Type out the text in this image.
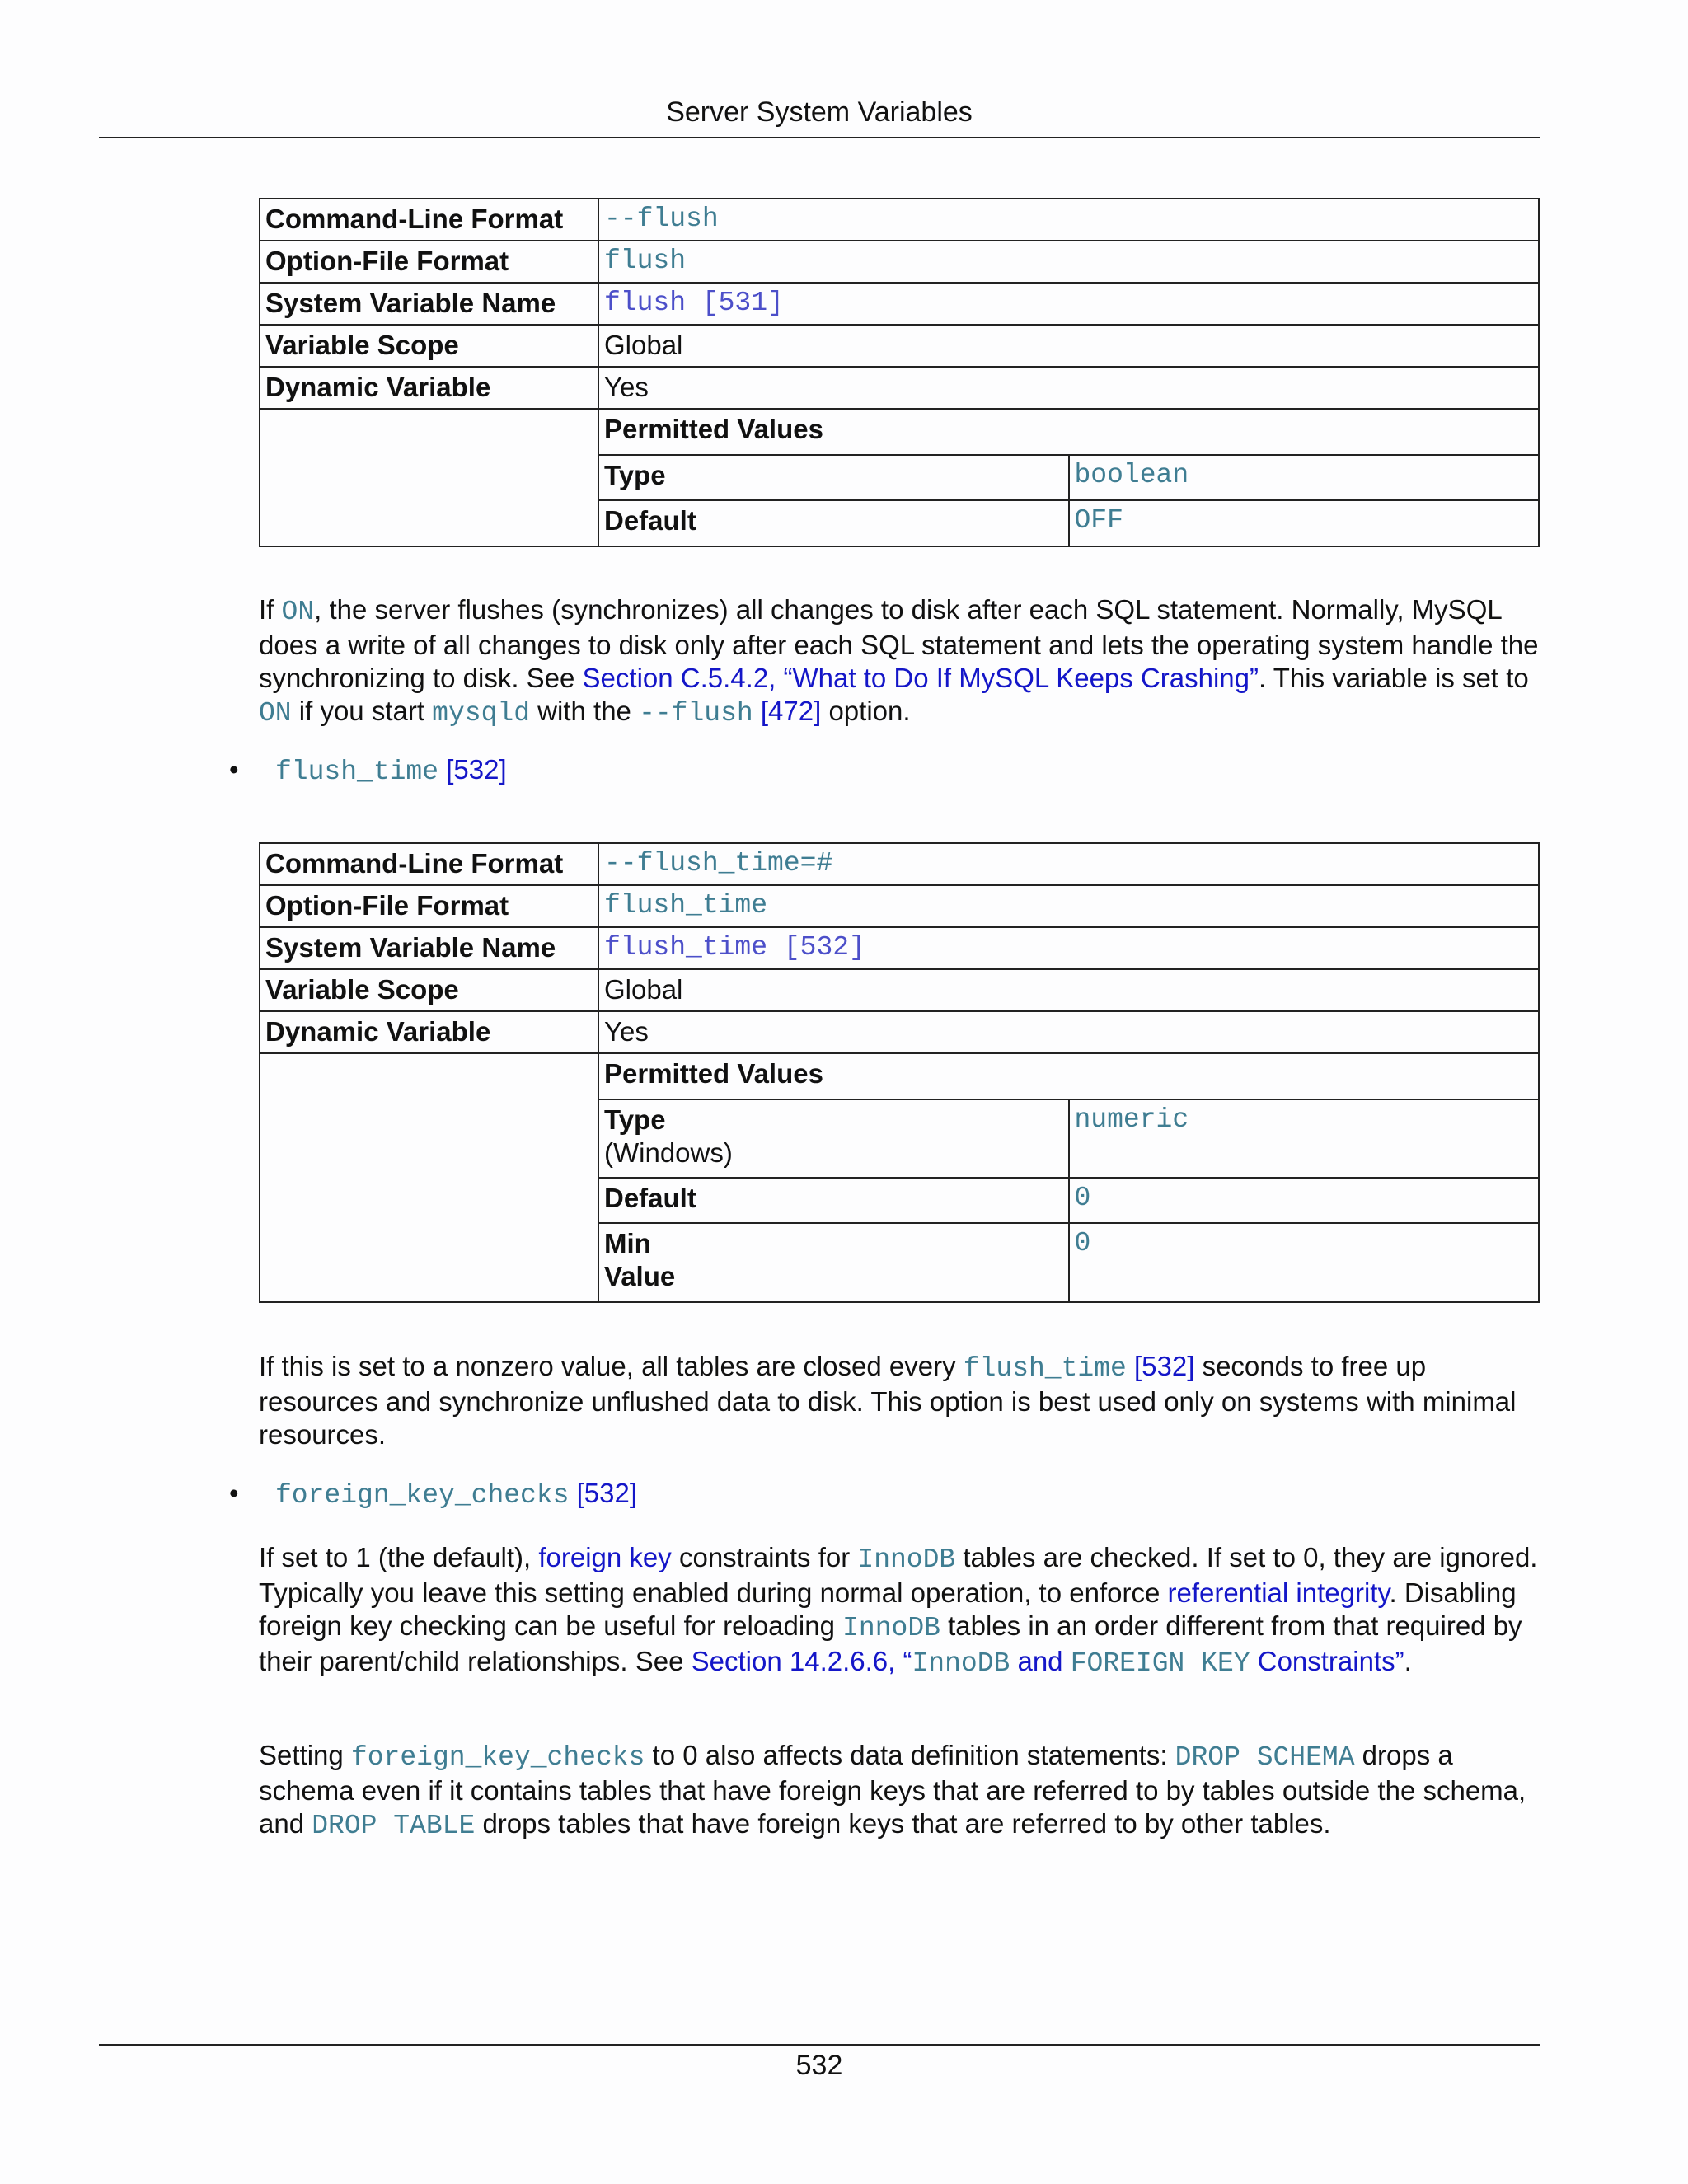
Server System Variables
Command-Line Format	--flush
Option-File Format	flush
System Variable Name	flush [531]
Variable Scope	Global
Dynamic Variable	Yes

Permitted Values
Type	boolean
Default	OFF
If ON, the server flushes (synchronizes) all changes to disk after each SQL statement. Normally, MySQL does a write of all changes to disk only after each SQL statement and lets the operating system handle the synchronizing to disk. See Section C.5.4.2, “What to Do If MySQL Keeps Crashing”. This variable is set to ON if you start mysqld with the --flush [472] option.
• flush_time [532]
Command-Line Format	--flush_time=#
Option-File Format	flush_time
System Variable Name	flush_time [532]
Variable Scope	Global
Dynamic Variable	Yes

Permitted Values
Type
(Windows)	numeric
Default	0
Min
Value	0
If this is set to a nonzero value, all tables are closed every flush_time [532] seconds to free up resources and synchronize unflushed data to disk. This option is best used only on systems with minimal resources.
• foreign_key_checks [532]
If set to 1 (the default), foreign key constraints for InnoDB tables are checked. If set to 0, they are ignored. Typically you leave this setting enabled during normal operation, to enforce referential integrity. Disabling foreign key checking can be useful for reloading InnoDB tables in an order different from that required by their parent/child relationships. See Section 14.2.6.6, “InnoDB and FOREIGN KEY Constraints”.
Setting foreign_key_checks to 0 also affects data definition statements: DROP SCHEMA drops a schema even if it contains tables that have foreign keys that are referred to by tables outside the schema, and DROP TABLE drops tables that have foreign keys that are referred to by other tables.
532
